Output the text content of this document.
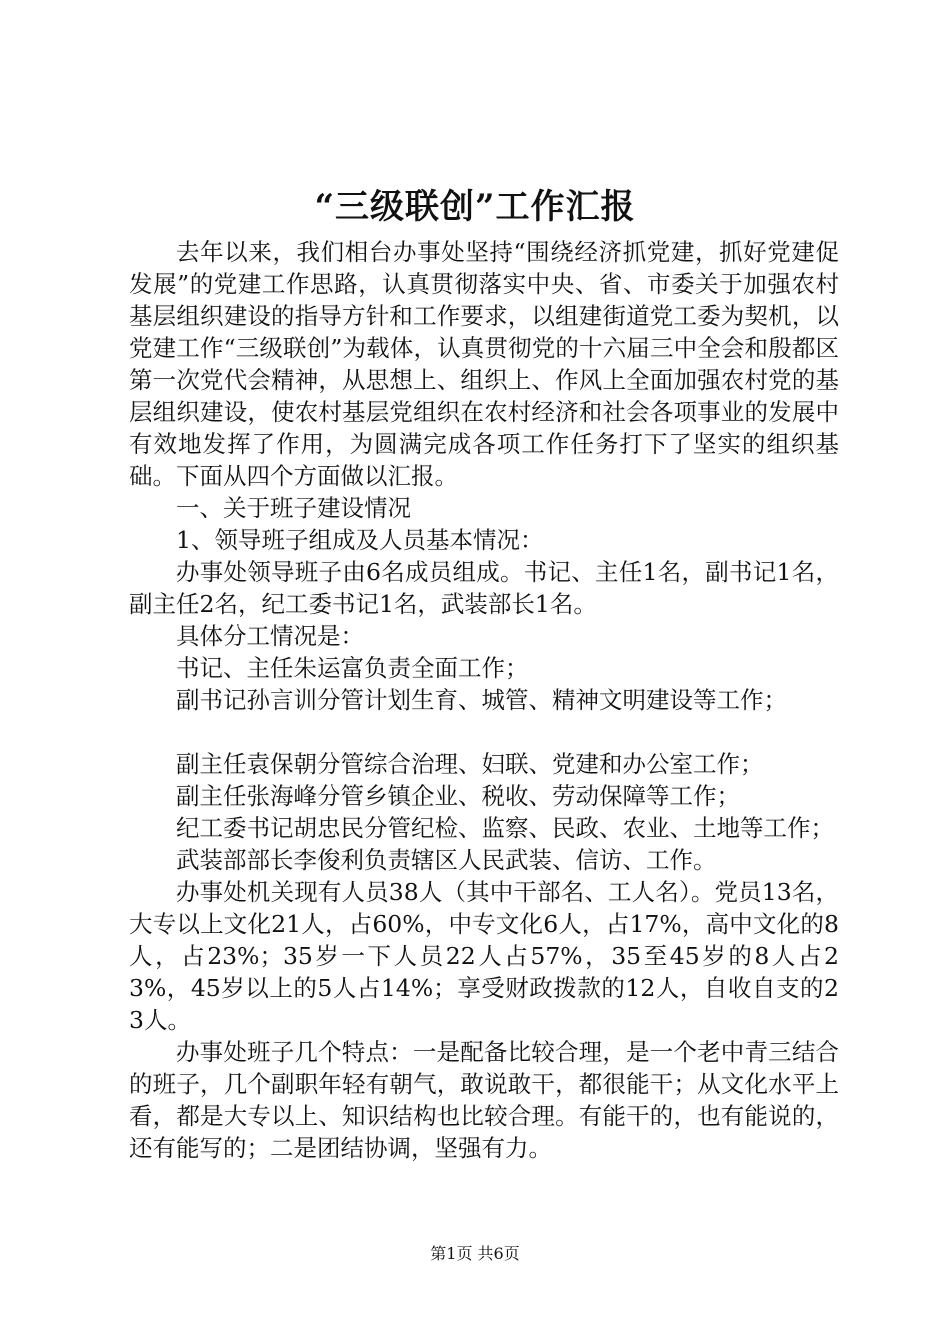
“三级联创”工作汇报

去年以来，我们相台办事处坚持“围绕经济抓党建，抓好党建促发展”的党建工作思路，认真贯彻落实中央、省、市委关于加强农村基层组织建设的指导方针和工作要求，以组建街道党工委为契机，以党建工作“三级联创”为载体，认真贯彻党的十六届三中全会和殷都区第一次党代会精神，从思想上、组织上、作风上全面加强农村党的基层组织建设，使农村基层党组织在农村经济和社会各项事业的发展中有效地发挥了作用，为圆满完成各项工作任务打下了坚实的组织基础。下面从四个方面做以汇报。

一、关于班子建设情况

1、领导班子组成及人员基本情况：

办事处领导班子由6名成员组成。书记、主任1名，副书记1名，副主任2名，纪工委书记1名，武装部长1名。

具体分工情况是：

书记、主任朱运富负责全面工作；

副书记孙言训分管计划生育、城管、精神文明建设等工作；

副主任袁保朝分管综合治理、妇联、党建和办公室工作；

副主任张海峰分管乡镇企业、税收、劳动保障等工作；

纪工委书记胡忠民分管纪检、监察、民政、农业、土地等工作；

武装部部长李俊利负责辖区人民武装、信访、工作。

办事处机关现有人员38人（其中干部名、工人名）。党员13名，大专以上文化21人，占60%，中专文化6人，占17%，高中文化的8人，占23%；35岁一下人员22人占57%，35至45岁的8人占23%，45岁以上的5人占14%；享受财政拨款的12人，自收自支的23人。

办事处班子几个特点：一是配备比较合理，是一个老中青三结合的班子，几个副职年轻有朝气，敢说敢干，都很能干；从文化水平上看，都是大专以上、知识结构也比较合理。有能干的，也有能说的，还有能写的；二是团结协调，坚强有力。

第1页 共6页
